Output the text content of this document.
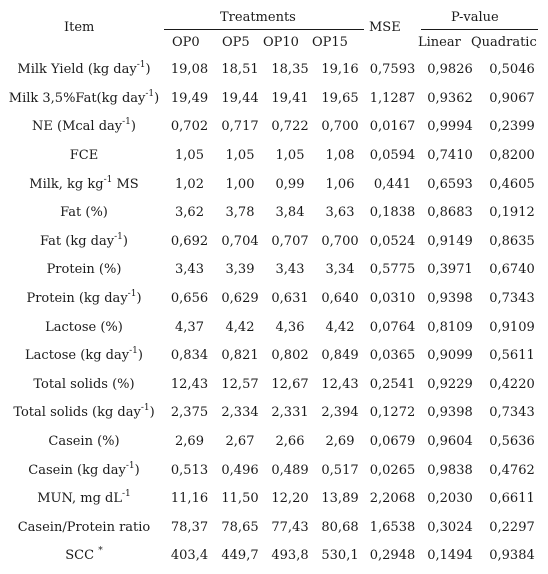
Item
Treatments
MSE
P-value
OP0 OP5 OP10 OP15	Linear Quadratic
Milk Yield (kg day$^{-1}$)	19,08	18,51	18,35	19,16	0,7593	0,9826	0,5046
Milk 3,5%Fat(kg day$^{-1}$)	19,49	19,44	19,41	19,65	1,1287	0,9362	0,9067
NE (Mcal day$^{-1}$)	0,702	0,717	0,722	0,700	0,0167	0,9994	0,2399
FCE	1,05	1,05	1,05	1,08	0,0594	0,7410	0,8200
Milk, kg $kg^{-1}$ MS	1,02	1,00	0,99	1,06	0,441	0,6593	0,4605
Fat (%)	3,62	3,78	3,84	3,63	0,1838	0,8683	0,1912
Fat (kg day$^{-1}$)	0,692	0,704	0,707	0,700	0,0524	0,9149	0,8635
Protein (%)	3,43	3,39	3,43	3,34	0,5775	0,3971	0,6740
Protein (kg day$^{-1}$)	0,656	0,629	0,631	0,640	0,0310	0,9398	0,7343
Lactose (%)	4,37	4,42	4,36	4,42	0,0764	0,8109	0,9109
Lactose (kg day$^{-1}$)	0,834	0,821	0,802	0,849	0,0365	0,9099	0,5611
Total solids (%)	12,43	12,57	12,67	12,43	0,2541	0,9229	0,4220
Total solids (kg day$^{-1}$)	2,375	2,334	2,331	2,394	0,1272	0,9398	0,7343
Casein (%)	2,69	2,67	2,66	2,69	0,0679	0,9604	0,5636
Casein (kg day$^{-1}$)	0,513	0,496	0,489	0,517	0,0265	0,9838	0,4762
MUN, mg $dL^{-1}$	11,16	11,50	12,20	13,89	2,2068	0,2030	0,6611
Casein/Protein ratio	78,37	78,65	77,43	80,68	1,6538	0,3024	0,2297
SCC *	403,4	449,7	493,8	530,1	0,2948	0,1494	0,9384
